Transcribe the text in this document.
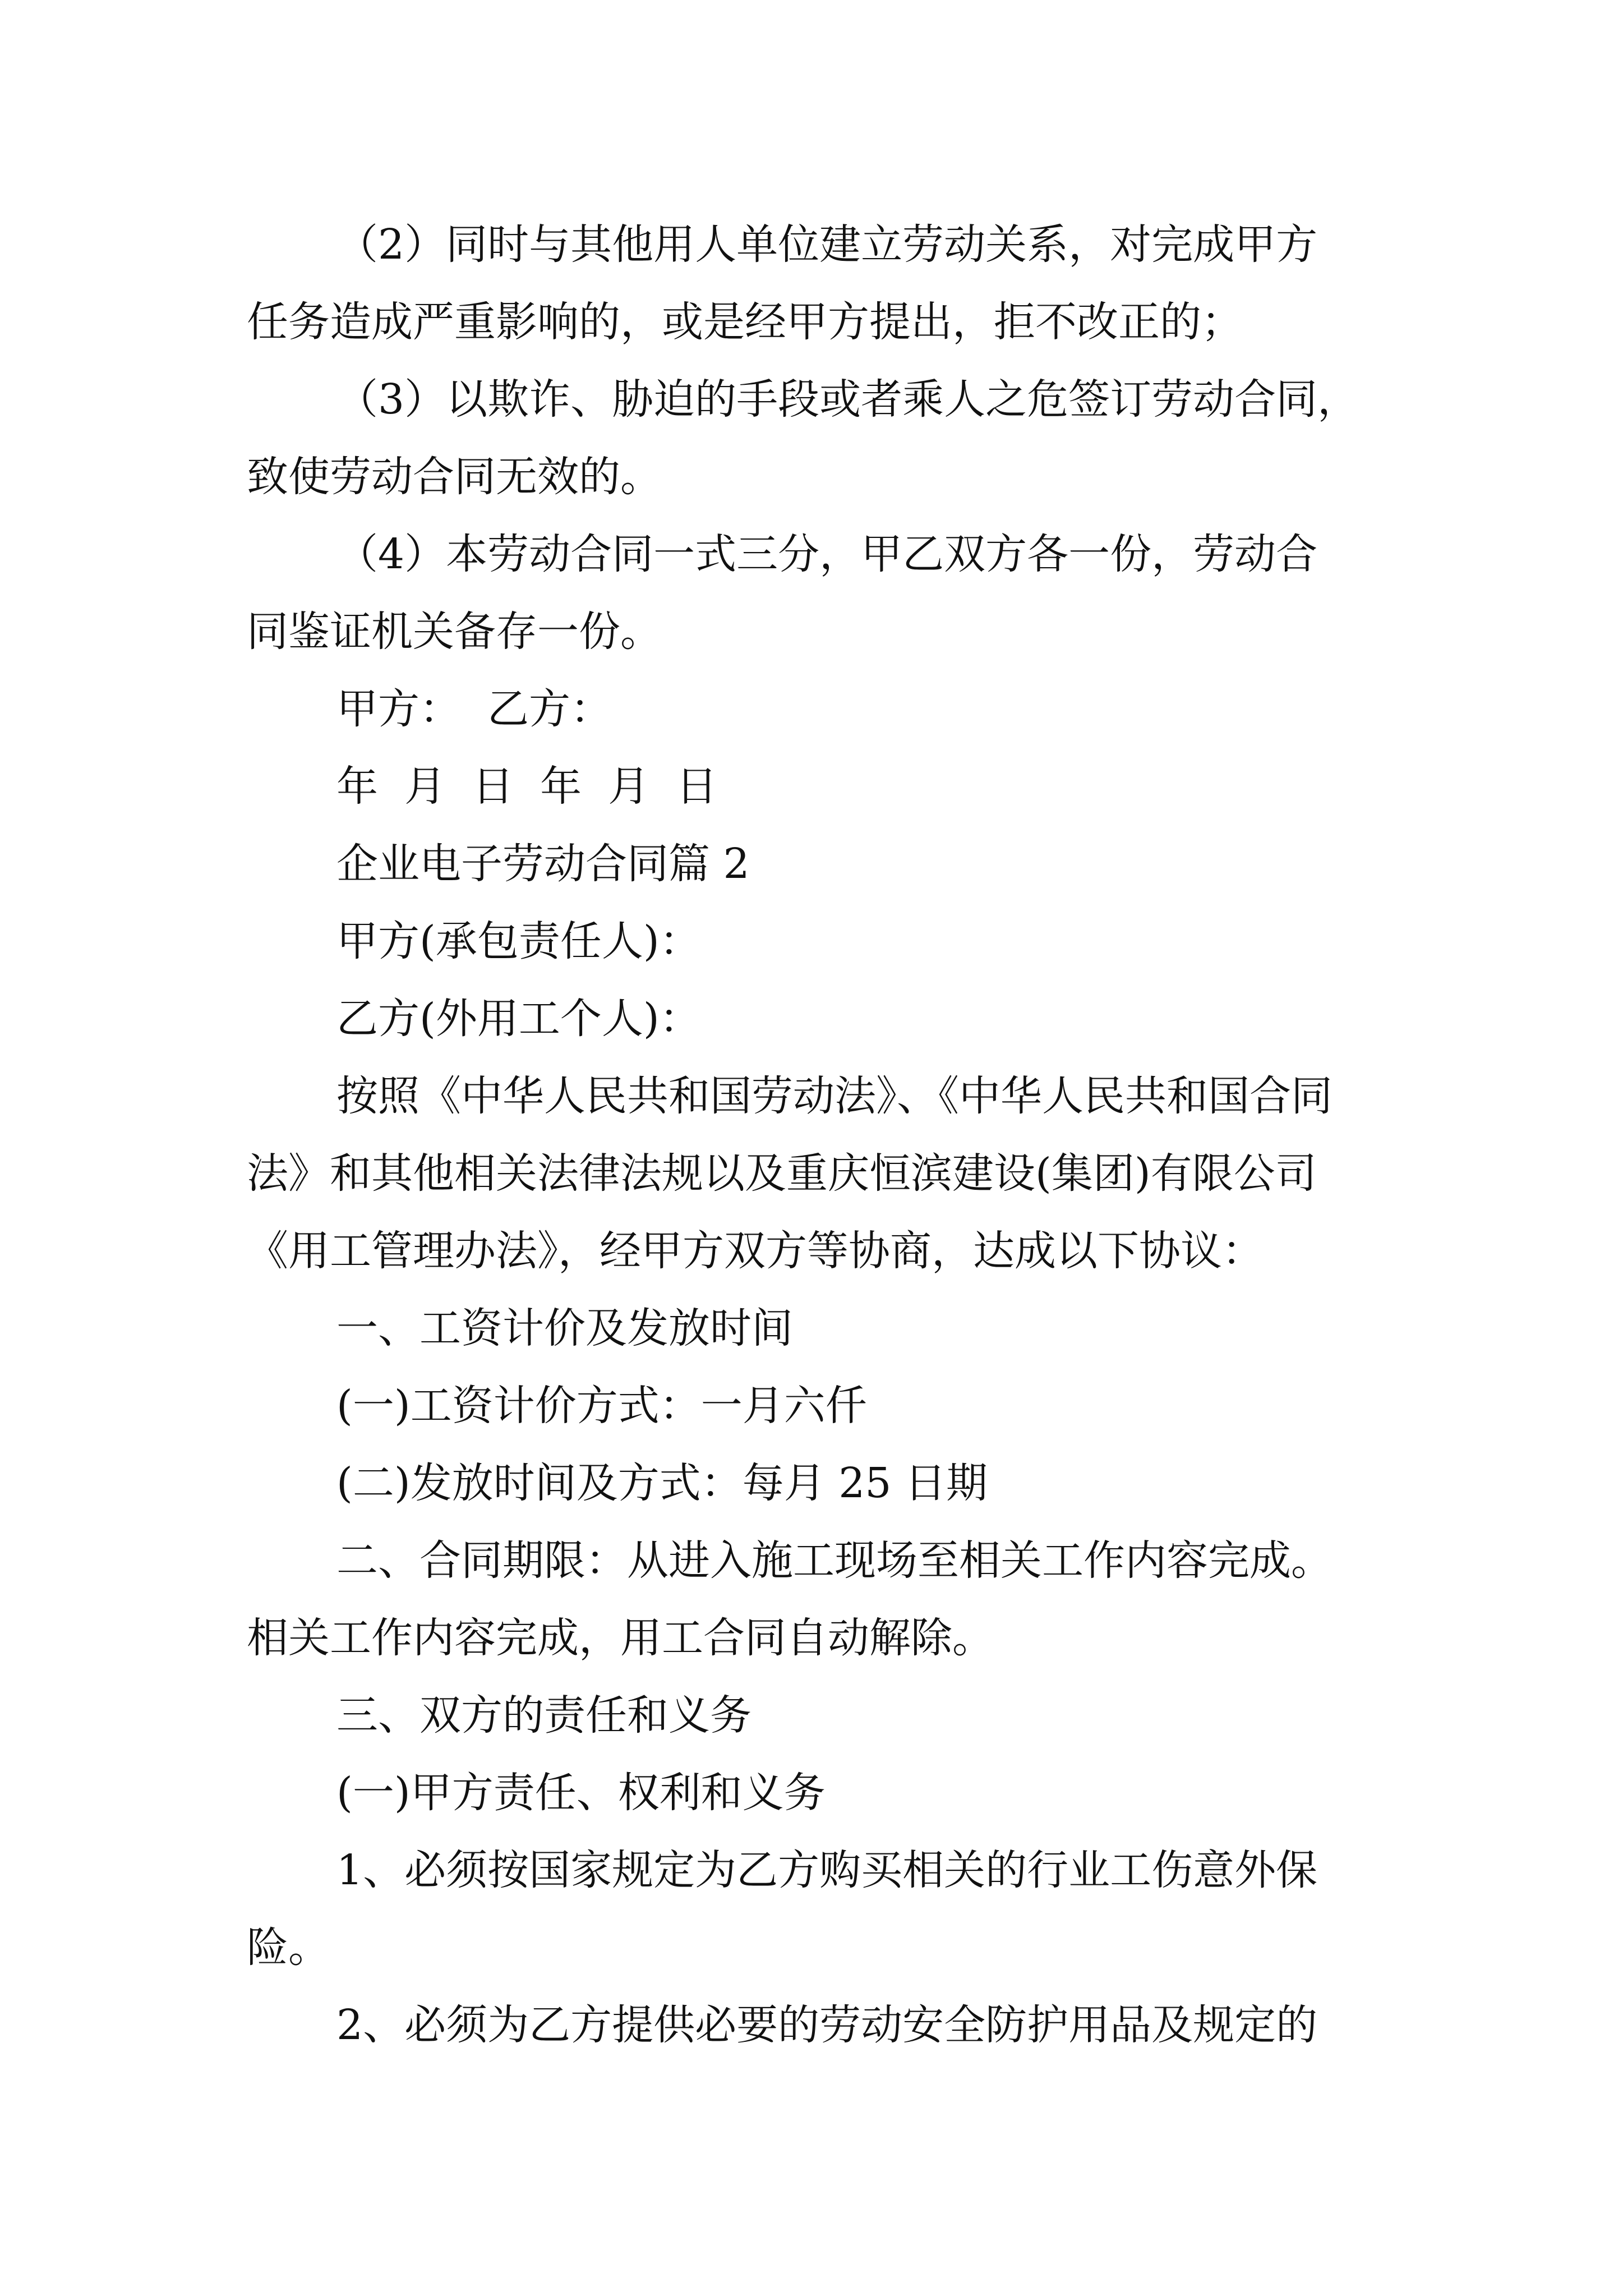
（2）同时与其他用人单位建立劳动关系，对完成甲方

任务造成严重影响的，或是经甲方提出，拒不改正的；

（3）以欺诈、胁迫的手段或者乘人之危签订劳动合同，

致使劳动合同无效的。

（4）本劳动合同一式三分，甲乙双方各一份，劳动合

同鉴证机关备存一份。

甲方：  乙方：

年  月  日  年  月  日

企业电子劳动合同篇 2

甲方(承包责任人)：

乙方(外用工个人)：

按照《中华人民共和国劳动法》、《中华人民共和国合同

法》和其他相关法律法规以及重庆恒滨建设(集团)有限公司

《用工管理办法》，经甲方双方等协商，达成以下协议：

一、工资计价及发放时间

(一)工资计价方式：一月六仟

(二)发放时间及方式：每月 25 日期

二、合同期限：从进入施工现场至相关工作内容完成。

相关工作内容完成，用工合同自动解除。

三、双方的责任和义务

(一)甲方责任、权利和义务

1、必须按国家规定为乙方购买相关的行业工伤意外保

险。

2、必须为乙方提供必要的劳动安全防护用品及规定的
